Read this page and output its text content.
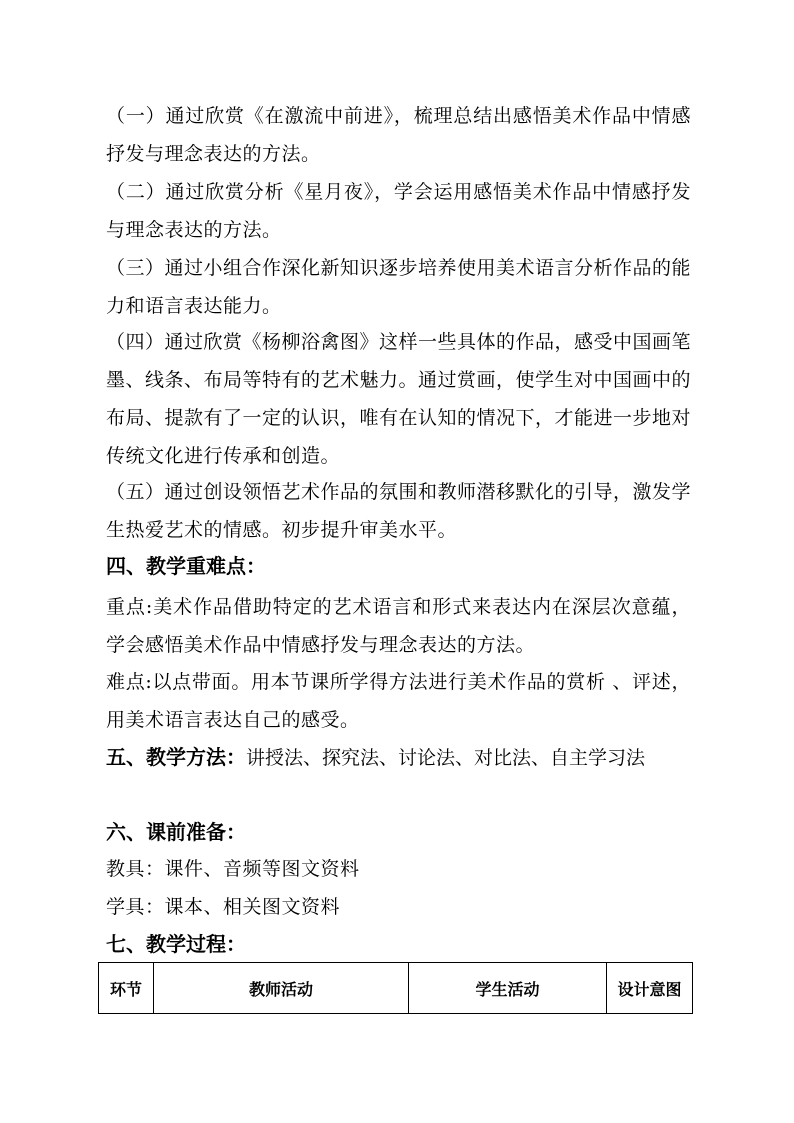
（一）通过欣赏《在激流中前进》，梳理总结出感悟美术作品中情感抒发与理念表达的方法。

（二）通过欣赏分析《星月夜》，学会运用感悟美术作品中情感抒发与理念表达的方法。

（三）通过小组合作深化新知识逐步培养使用美术语言分析作品的能力和语言表达能力。

（四）通过欣赏《杨柳浴禽图》这样一些具体的作品，感受中国画笔墨、线条、布局等特有的艺术魅力。通过赏画，使学生对中国画中的布局、提款有了一定的认识，唯有在认知的情况下，才能进一步地对传统文化进行传承和创造。

（五）通过创设领悟艺术作品的氛围和教师潜移默化的引导，激发学生热爱艺术的情感。初步提升审美水平。

四、教学重难点：

重点:美术作品借助特定的艺术语言和形式来表达内在深层次意蕴，学会感悟美术作品中情感抒发与理念表达的方法。

难点:以点带面。用本节课所学得方法进行美术作品的赏析 、评述，用美术语言表达自己的感受。

五、教学方法：讲授法、探究法、讨论法、对比法、自主学习法

六、课前准备：

教具：课件、音频等图文资料

学具：课本、相关图文资料

七、教学过程：

环节	教师活动	学生活动	设计意图
